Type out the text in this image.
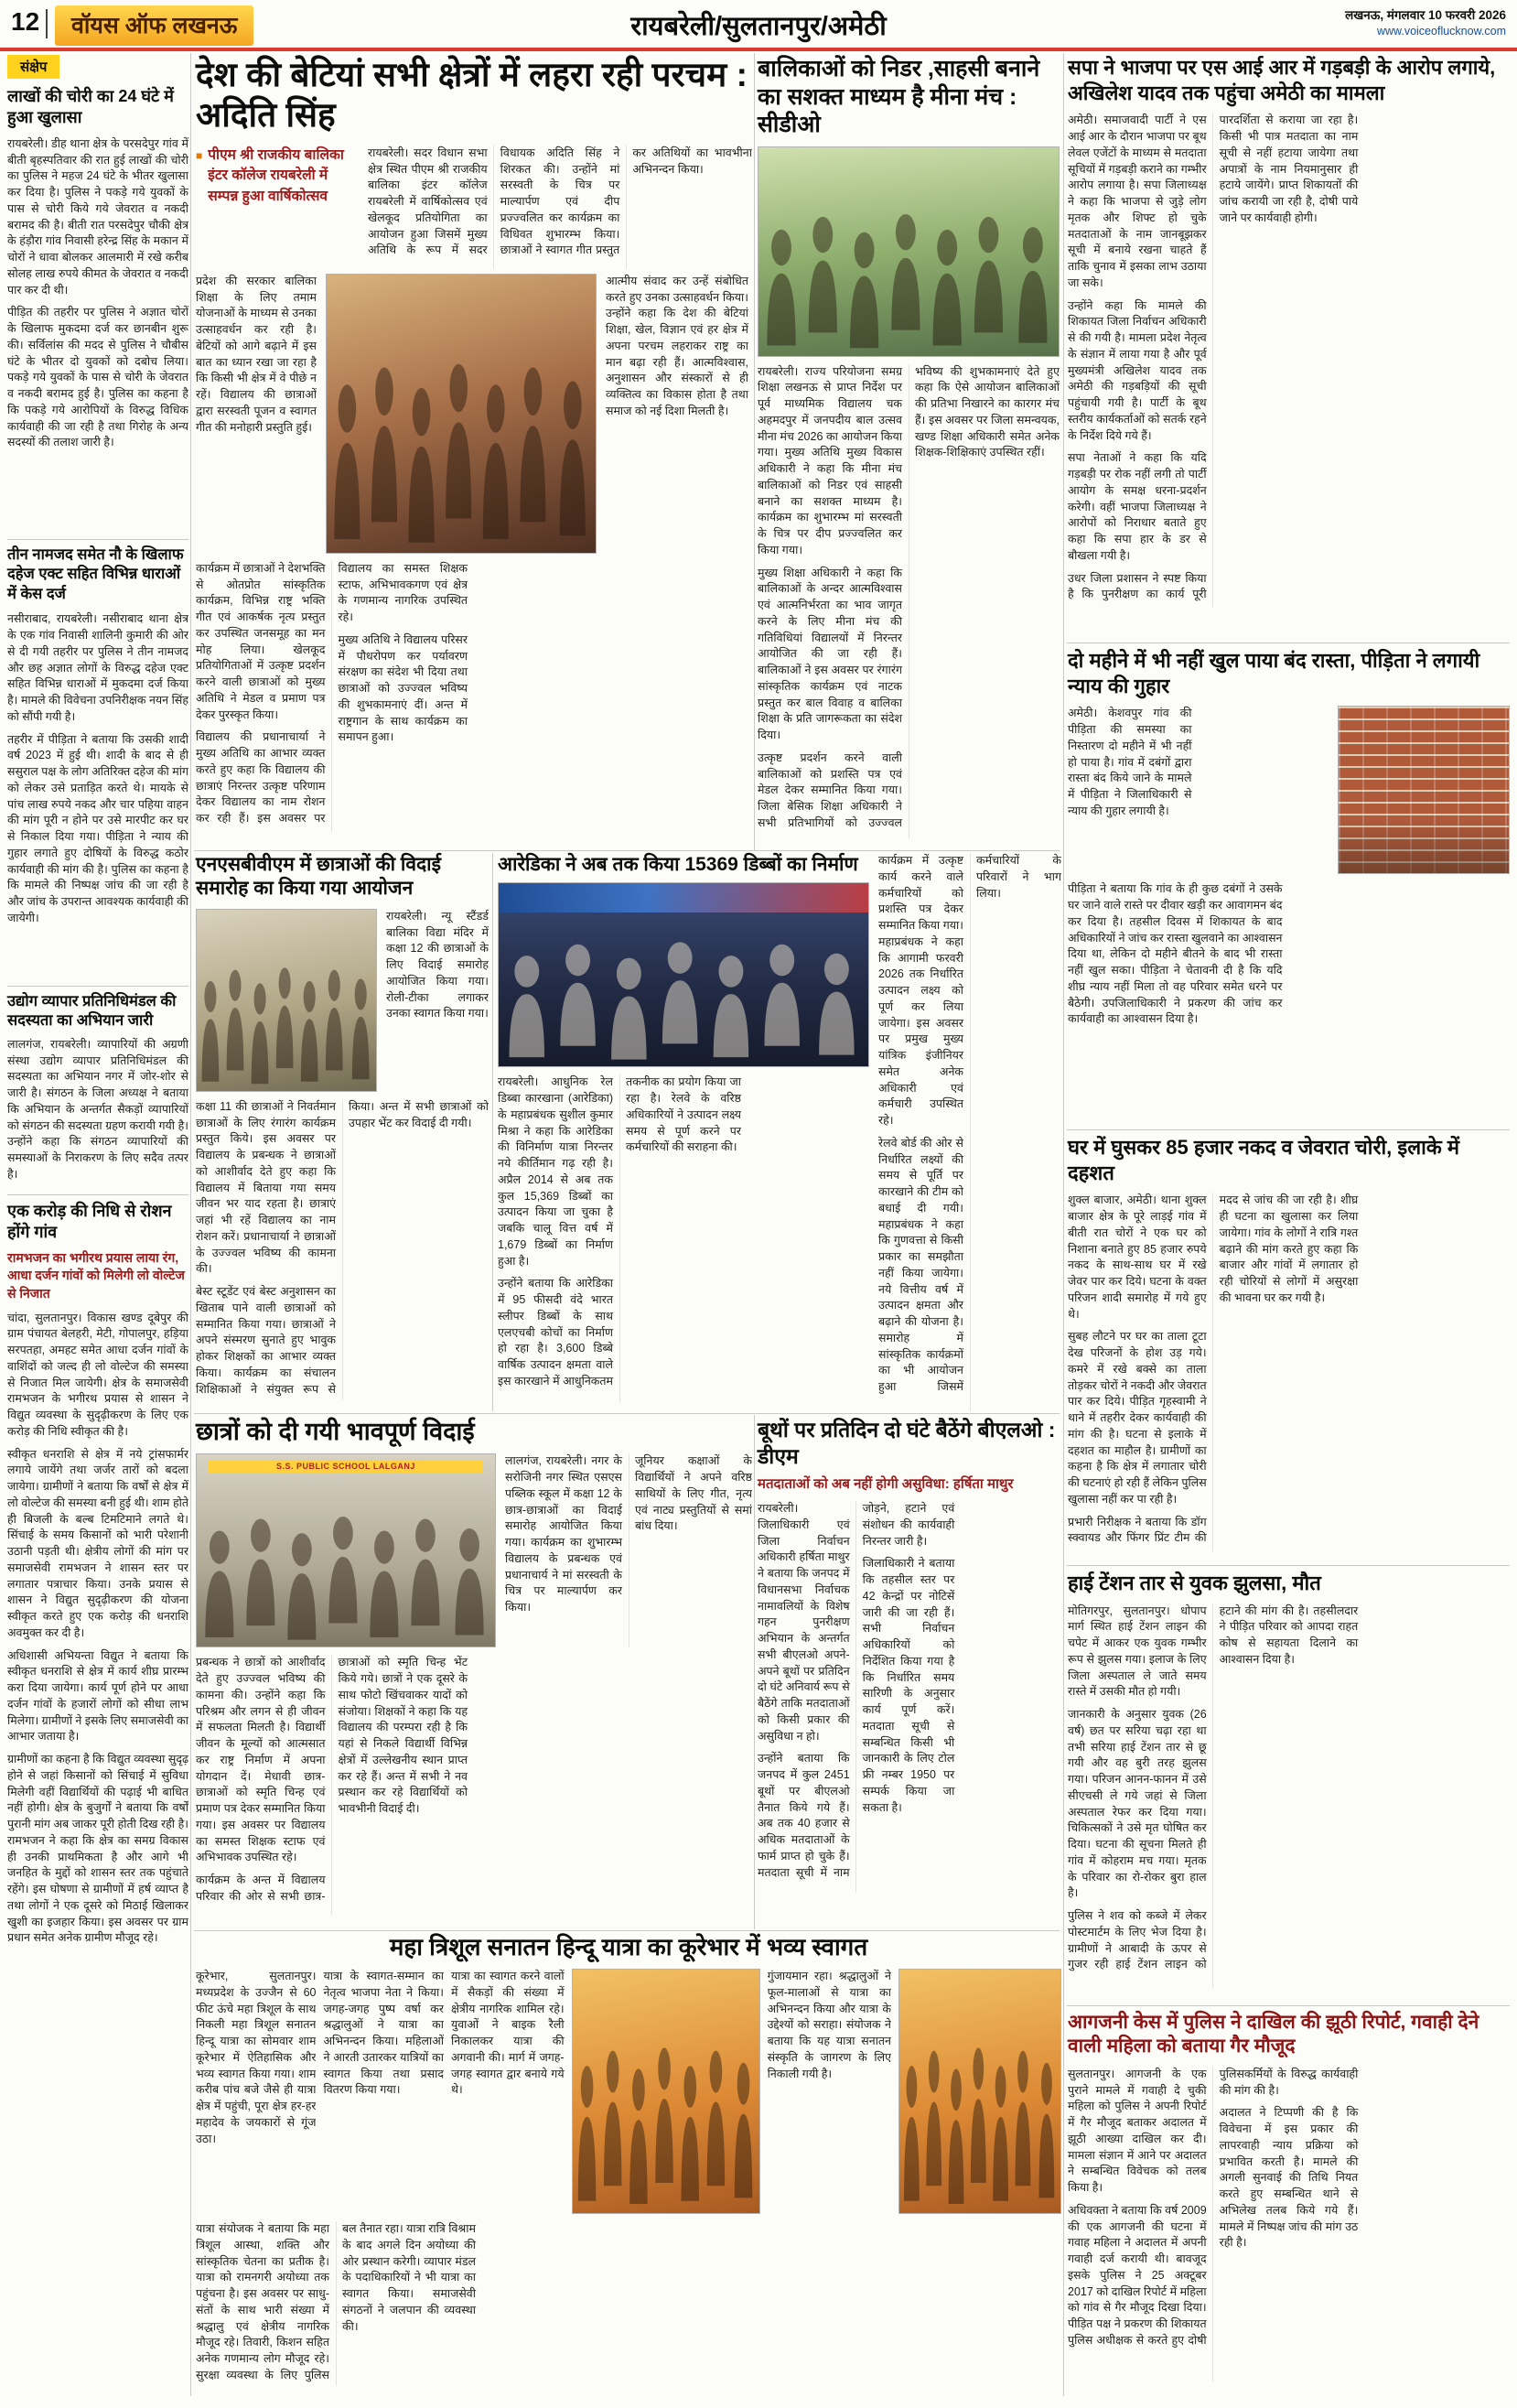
12	वॉयस ऑफ लखनऊ	रायबरेली/सुलतानपुर/अमेठी	लखनऊ, मंगलवार 10 फरवरी 2026
www.voiceoflucknow.com
संक्षेप
लाखों की चोरी का 24 घंटे में हुआ खुलासा

रायबरेली। डीह थाना क्षेत्र के परसदेपुर गांव में बीती बृहस्पतिवार की रात हुई लाखों की चोरी का पुलिस ने महज 24 घंटे के भीतर खुलासा कर दिया है। पुलिस ने पकड़े गये युवकों के पास से चोरी किये गये जेवरात व नकदी बरामद की है। बीती रात परसदेपुर चौकी क्षेत्र के हंड़ौरा गांव निवासी हरेन्द्र सिंह के मकान में चोरों ने धावा बोलकर आलमारी में रखे करीब सोलह लाख रुपये कीमत के जेवरात व नकदी पार कर दी थी।

पीड़ित की तहरीर पर पुलिस ने अज्ञात चोरों के खिलाफ मुकदमा दर्ज कर छानबीन शुरू की। सर्विलांस की मदद से पुलिस ने चौबीस घंटे के भीतर दो युवकों को दबोच लिया। पकड़े गये युवकों के पास से चोरी के जेवरात व नकदी बरामद हुई है। पुलिस का कहना है कि पकड़े गये आरोपियों के विरुद्ध विधिक कार्यवाही की जा रही है तथा गिरोह के अन्य सदस्यों की तलाश जारी है।

तीन नामजद समेत नौ के खिलाफ दहेज एक्ट सहित विभिन्न धाराओं में केस दर्ज

नसीराबाद, रायबरेली। नसीराबाद थाना क्षेत्र के एक गांव निवासी शालिनी कुमारी की ओर से दी गयी तहरीर पर पुलिस ने तीन नामजद और छह अज्ञात लोगों के विरुद्ध दहेज एक्ट सहित विभिन्न धाराओं में मुकदमा दर्ज किया है। मामले की विवेचना उपनिरीक्षक नयन सिंह को सौंपी गयी है।

तहरीर में पीड़िता ने बताया कि उसकी शादी वर्ष 2023 में हुई थी। शादी के बाद से ही ससुराल पक्ष के लोग अतिरिक्त दहेज की मांग को लेकर उसे प्रताड़ित करते थे। मायके से पांच लाख रुपये नकद और चार पहिया वाहन की मांग पूरी न होने पर उसे मारपीट कर घर से निकाल दिया गया। पीड़िता ने न्याय की गुहार लगाते हुए दोषियों के विरुद्ध कठोर कार्यवाही की मांग की है। पुलिस का कहना है कि मामले की निष्पक्ष जांच की जा रही है और जांच के उपरान्त आवश्यक कार्यवाही की जायेगी।

उद्योग व्यापार प्रतिनिधिमंडल की सदस्यता का अभियान जारी

लालगंज, रायबरेली। व्यापारियों की अग्रणी संस्था उद्योग व्यापार प्रतिनिधिमंडल की सदस्यता का अभियान नगर में जोर-शोर से जारी है। संगठन के जिला अध्यक्ष ने बताया कि अभियान के अन्तर्गत सैकड़ों व्यापारियों को संगठन की सदस्यता ग्रहण करायी गयी है। उन्होंने कहा कि संगठन व्यापारियों की समस्याओं के निराकरण के लिए सदैव तत्पर है।

एक करोड़ की निधि से रोशन होंगे गांव
रामभजन का भगीरथ प्रयास लाया रंग, आधा दर्जन गांवों को मिलेगी लो वोल्टेज से निजात

चांदा, सुलतानपुर। विकास खण्ड दूबेपुर की ग्राम पंचायत बेलहरी, मेटी, गोपालपुर, हड़िया सरपतहा, अमहट समेत आधा दर्जन गांवों के वाशिंदों को जल्द ही लो वोल्टेज की समस्या से निजात मिल जायेगी। क्षेत्र के समाजसेवी रामभजन के भगीरथ प्रयास से शासन ने विद्युत व्यवस्था के सुदृढ़ीकरण के लिए एक करोड़ की निधि स्वीकृत की है।

स्वीकृत धनराशि से क्षेत्र में नये ट्रांसफार्मर लगाये जायेंगे तथा जर्जर तारों को बदला जायेगा। ग्रामीणों ने बताया कि वर्षों से क्षेत्र में लो वोल्टेज की समस्या बनी हुई थी। शाम होते ही बिजली के बल्ब टिमटिमाने लगते थे। सिंचाई के समय किसानों को भारी परेशानी उठानी पड़ती थी। क्षेत्रीय लोगों की मांग पर समाजसेवी रामभजन ने शासन स्तर पर लगातार पत्राचार किया। उनके प्रयास से शासन ने विद्युत सुदृढ़ीकरण की योजना स्वीकृत करते हुए एक करोड़ की धनराशि अवमुक्त कर दी है।

अधिशासी अभियन्ता विद्युत ने बताया कि स्वीकृत धनराशि से क्षेत्र में कार्य शीघ्र प्रारम्भ करा दिया जायेगा। कार्य पूर्ण होने पर आधा दर्जन गांवों के हजारों लोगों को सीधा लाभ मिलेगा। ग्रामीणों ने इसके लिए समाजसेवी का आभार जताया है।

ग्रामीणों का कहना है कि विद्युत व्यवस्था सुदृढ़ होने से जहां किसानों को सिंचाई में सुविधा मिलेगी वहीं विद्यार्थियों की पढ़ाई भी बाधित नहीं होगी। क्षेत्र के बुजुर्गों ने बताया कि वर्षों पुरानी मांग अब जाकर पूरी होती दिख रही है। रामभजन ने कहा कि क्षेत्र का समग्र विकास ही उनकी प्राथमिकता है और आगे भी जनहित के मुद्दों को शासन स्तर तक पहुंचाते रहेंगे। इस घोषणा से ग्रामीणों में हर्ष व्याप्त है तथा लोगों ने एक दूसरे को मिठाई खिलाकर खुशी का इजहार किया। इस अवसर पर ग्राम प्रधान समेत अनेक ग्रामीण मौजूद रहे।

देश की बेटियां सभी क्षेत्रों में लहरा रही परचम : अदिति सिंह
■ पीएम श्री राजकीय बालिका इंटर कॉलेज रायबरेली में सम्पन्न हुआ वार्षिकोत्सव

रायबरेली। सदर विधान सभा क्षेत्र स्थित पीएम श्री राजकीय बालिका इंटर कॉलेज रायबरेली में वार्षिकोत्सव एवं खेलकूद प्रतियोगिता का आयोजन हुआ जिसमें मुख्य अतिथि के रूप में सदर विधायक अदिति सिंह ने शिरकत की। उन्होंने मां सरस्वती के चित्र पर माल्यार्पण एवं दीप प्रज्ज्वलित कर कार्यक्रम का विधिवत शुभारम्भ किया। छात्राओं ने स्वागत गीत प्रस्तुत कर अतिथियों का भावभीना अभिनन्दन किया।

प्रदेश की सरकार बालिका शिक्षा के लिए तमाम योजनाओं के माध्यम से उनका उत्साहवर्धन कर रही है। बेटियों को आगे बढ़ाने में इस बात का ध्यान रखा जा रहा है कि किसी भी क्षेत्र में वे पीछे न रहें। विद्यालय की छात्राओं द्वारा सरस्वती पूजन व स्वागत गीत की मनोहारी प्रस्तुति हुई।

आत्मीय संवाद कर उन्हें संबोधित करते हुए उनका उत्साहवर्धन किया। उन्होंने कहा कि देश की बेटियां शिक्षा, खेल, विज्ञान एवं हर क्षेत्र में अपना परचम लहराकर राष्ट्र का मान बढ़ा रही हैं। आत्मविश्वास, अनुशासन और संस्कारों से ही व्यक्तित्व का विकास होता है तथा समाज को नई दिशा मिलती है।

कार्यक्रम में छात्राओं ने देशभक्ति से ओतप्रोत सांस्कृतिक कार्यक्रम, विभिन्न राष्ट्र भक्ति गीत एवं आकर्षक नृत्य प्रस्तुत कर उपस्थित जनसमूह का मन मोह लिया। खेलकूद प्रतियोगिताओं में उत्कृष्ट प्रदर्शन करने वाली छात्राओं को मुख्य अतिथि ने मेडल व प्रमाण पत्र देकर पुरस्कृत किया।

विद्यालय की प्रधानाचार्या ने मुख्य अतिथि का आभार व्यक्त करते हुए कहा कि विद्यालय की छात्राएं निरन्तर उत्कृष्ट परिणाम देकर विद्यालय का नाम रोशन कर रही हैं। इस अवसर पर विद्यालय का समस्त शिक्षक स्टाफ, अभिभावकगण एवं क्षेत्र के गणमान्य नागरिक उपस्थित रहे।

मुख्य अतिथि ने विद्यालय परिसर में पौधरोपण कर पर्यावरण संरक्षण का संदेश भी दिया तथा छात्राओं को उज्ज्वल भविष्य की शुभकामनाएं दीं। अन्त में राष्ट्रगान के साथ कार्यक्रम का समापन हुआ।

बालिकाओं को निडर ,साहसी बनाने का सशक्त माध्यम है मीना मंच : सीडीओ

रायबरेली। राज्य परियोजना समग्र शिक्षा लखनऊ से प्राप्त निर्देश पर पूर्व माध्यमिक विद्यालय चक अहमदपुर में जनपदीय बाल उत्सव मीना मंच 2026 का आयोजन किया गया। मुख्य अतिथि मुख्य विकास अधिकारी ने कहा कि मीना मंच बालिकाओं को निडर एवं साहसी बनाने का सशक्त माध्यम है। कार्यक्रम का शुभारम्भ मां सरस्वती के चित्र पर दीप प्रज्ज्वलित कर किया गया।

मुख्य शिक्षा अधिकारी ने कहा कि बालिकाओं के अन्दर आत्मविश्वास एवं आत्मनिर्भरता का भाव जागृत करने के लिए मीना मंच की गतिविधियां विद्यालयों में निरन्तर आयोजित की जा रही हैं। बालिकाओं ने इस अवसर पर रंगारंग सांस्कृतिक कार्यक्रम एवं नाटक प्रस्तुत कर बाल विवाह व बालिका शिक्षा के प्रति जागरूकता का संदेश दिया।

उत्कृष्ट प्रदर्शन करने वाली बालिकाओं को प्रशस्ति पत्र एवं मेडल देकर सम्मानित किया गया। जिला बेसिक शिक्षा अधिकारी ने सभी प्रतिभागियों को उज्ज्वल भविष्य की शुभकामनाएं देते हुए कहा कि ऐसे आयोजन बालिकाओं की प्रतिभा निखारने का कारगर मंच हैं। इस अवसर पर जिला समन्वयक, खण्ड शिक्षा अधिकारी समेत अनेक शिक्षक-शिक्षिकाएं उपस्थित रहीं।

एनएसबीवीएम में छात्राओं की विदाई समारोह का किया गया आयोजन

रायबरेली। न्यू स्टैंडर्ड बालिका विद्या मंदिर में कक्षा 12 की छात्राओं के लिए विदाई समारोह आयोजित किया गया। रोली-टीका लगाकर उनका स्वागत किया गया।

कक्षा 11 की छात्राओं ने निवर्तमान छात्राओं के लिए रंगारंग कार्यक्रम प्रस्तुत किये। इस अवसर पर विद्यालय के प्रबन्धक ने छात्राओं को आशीर्वाद देते हुए कहा कि विद्यालय में बिताया गया समय जीवन भर याद रहता है। छात्राएं जहां भी रहें विद्यालय का नाम रोशन करें। प्रधानाचार्या ने छात्राओं के उज्ज्वल भविष्य की कामना की।

बेस्ट स्टूडेंट एवं बेस्ट अनुशासन का खिताब पाने वाली छात्राओं को सम्मानित किया गया। छात्राओं ने अपने संस्मरण सुनाते हुए भावुक होकर शिक्षकों का आभार व्यक्त किया। कार्यक्रम का संचालन शिक्षिकाओं ने संयुक्त रूप से किया। अन्त में सभी छात्राओं को उपहार भेंट कर विदाई दी गयी।

आरेडिका ने अब तक किया 15369 डिब्बों का निर्माण

रायबरेली। आधुनिक रेल डिब्बा कारखाना (आरेडिका) के महाप्रबंधक सुशील कुमार मिश्रा ने कहा कि आरेडिका की विनिर्माण यात्रा निरन्तर नये कीर्तिमान गढ़ रही है। अप्रैल 2014 से अब तक कुल 15,369 डिब्बों का उत्पादन किया जा चुका है जबकि चालू वित्त वर्ष में 1,679 डिब्बों का निर्माण हुआ है।

उन्होंने बताया कि आरेडिका में 95 फीसदी वंदे भारत स्लीपर डिब्बों के साथ एलएचबी कोचों का निर्माण हो रहा है। 3,600 डिब्बे वार्षिक उत्पादन क्षमता वाले इस कारखाने में आधुनिकतम तकनीक का प्रयोग किया जा रहा है। रेलवे के वरिष्ठ अधिकारियों ने उत्पादन लक्ष्य समय से पूर्ण करने पर कर्मचारियों की सराहना की।

कार्यक्रम में उत्कृष्ट कार्य करने वाले कर्मचारियों को प्रशस्ति पत्र देकर सम्मानित किया गया। महाप्रबंधक ने कहा कि आगामी फरवरी 2026 तक निर्धारित उत्पादन लक्ष्य को पूर्ण कर लिया जायेगा। इस अवसर पर प्रमुख मुख्य यांत्रिक इंजीनियर समेत अनेक अधिकारी एवं कर्मचारी उपस्थित रहे।

रेलवे बोर्ड की ओर से निर्धारित लक्ष्यों की समय से पूर्ति पर कारखाने की टीम को बधाई दी गयी। महाप्रबंधक ने कहा कि गुणवत्ता से किसी प्रकार का समझौता नहीं किया जायेगा। नये वित्तीय वर्ष में उत्पादन क्षमता और बढ़ाने की योजना है। समारोह में सांस्कृतिक कार्यक्रमों का भी आयोजन हुआ जिसमें कर्मचारियों के परिवारों ने भाग लिया।

छात्रों को दी गयी भावपूर्ण विदाई
S.S. PUBLIC SCHOOL LALGANJ	लालगंज, रायबरेली। नगर के सरोजिनी नगर स्थित एसएस पब्लिक स्कूल में कक्षा 12 के छात्र-छात्राओं का विदाई समारोह आयोजित किया गया। कार्यक्रम का शुभारम्भ विद्यालय के प्रबन्धक एवं प्रधानाचार्य ने मां सरस्वती के चित्र पर माल्यार्पण कर किया।

जूनियर कक्षाओं के विद्यार्थियों ने अपने वरिष्ठ साथियों के लिए गीत, नृत्य एवं नाट्य प्रस्तुतियों से समां बांध दिया।

प्रबन्धक ने छात्रों को आशीर्वाद देते हुए उज्ज्वल भविष्य की कामना की। उन्होंने कहा कि परिश्रम और लगन से ही जीवन में सफलता मिलती है। विद्यार्थी जीवन के मूल्यों को आत्मसात कर राष्ट्र निर्माण में अपना योगदान दें। मेधावी छात्र-छात्राओं को स्मृति चिन्ह एवं प्रमाण पत्र देकर सम्मानित किया गया। इस अवसर पर विद्यालय का समस्त शिक्षक स्टाफ एवं अभिभावक उपस्थित रहे।

कार्यक्रम के अन्त में विद्यालय परिवार की ओर से सभी छात्र-छात्राओं को स्मृति चिन्ह भेंट किये गये। छात्रों ने एक दूसरे के साथ फोटो खिंचवाकर यादों को संजोया। शिक्षकों ने कहा कि यह विद्यालय की परम्परा रही है कि यहां से निकले विद्यार्थी विभिन्न क्षेत्रों में उल्लेखनीय स्थान प्राप्त कर रहे हैं। अन्त में सभी ने नव प्रस्थान कर रहे विद्यार्थियों को भावभीनी विदाई दी।

बूथों पर प्रतिदिन दो घंटे बैठेंगे बीएलओ : डीएम
मतदाताओं को अब नहीं होगी असुविधा: हर्षिता माथुर

रायबरेली। जिलाधिकारी एवं जिला निर्वाचन अधिकारी हर्षिता माथुर ने बताया कि जनपद में विधानसभा निर्वाचक नामावलियों के विशेष गहन पुनरीक्षण अभियान के अन्तर्गत सभी बीएलओ अपने-अपने बूथों पर प्रतिदिन दो घंटे अनिवार्य रूप से बैठेंगे ताकि मतदाताओं को किसी प्रकार की असुविधा न हो।

उन्होंने बताया कि जनपद में कुल 2451 बूथों पर बीएलओ तैनात किये गये हैं। अब तक 40 हजार से अधिक मतदाताओं के फार्म प्राप्त हो चुके हैं। मतदाता सूची में नाम जोड़ने, हटाने एवं संशोधन की कार्यवाही निरन्तर जारी है।

जिलाधिकारी ने बताया कि तहसील स्तर पर 42 केन्द्रों पर नोटिसें जारी की जा रही हैं। सभी निर्वाचन अधिकारियों को निर्देशित किया गया है कि निर्धारित समय सारिणी के अनुसार कार्य पूर्ण करें। मतदाता सूची से सम्बन्धित किसी भी जानकारी के लिए टोल फ्री नम्बर 1950 पर सम्पर्क किया जा सकता है।

महा त्रिशूल सनातन हिन्दू यात्रा का कूरेभार में भव्य स्वागत

कूरेभार, सुलतानपुर। मध्यप्रदेश के उज्जैन से 60 फीट ऊंचे महा त्रिशूल के साथ निकली महा त्रिशूल सनातन हिन्दू यात्रा का सोमवार शाम कूरेभार में ऐतिहासिक और भव्य स्वागत किया गया। शाम करीब पांच बजे जैसे ही यात्रा क्षेत्र में पहुंची, पूरा क्षेत्र हर-हर महादेव के जयकारों से गूंज उठा।

यात्रा के स्वागत-सम्मान का नेतृत्व भाजपा नेता ने किया। जगह-जगह पुष्प वर्षा कर श्रद्धालुओं ने यात्रा का अभिनन्दन किया। महिलाओं ने आरती उतारकर यात्रियों का स्वागत किया तथा प्रसाद वितरण किया गया।

यात्रा का स्वागत करने वालों में सैकड़ों की संख्या में क्षेत्रीय नागरिक शामिल रहे। युवाओं ने बाइक रैली निकालकर यात्रा की अगवानी की। मार्ग में जगह-जगह स्वागत द्वार बनाये गये थे।

गुंजायमान रहा। श्रद्धालुओं ने फूल-मालाओं से यात्रा का अभिनन्दन किया और यात्रा के उद्देश्यों को सराहा। संयोजक ने बताया कि यह यात्रा सनातन संस्कृति के जागरण के लिए निकाली गयी है।

यात्रा संयोजक ने बताया कि महा त्रिशूल आस्था, शक्ति और सांस्कृतिक चेतना का प्रतीक है। यात्रा को रामनगरी अयोध्या तक पहुंचना है। इस अवसर पर साधु-संतों के साथ भारी संख्या में श्रद्धालु एवं क्षेत्रीय नागरिक मौजूद रहे। तिवारी, किशन सहित अनेक गणमान्य लोग मौजूद रहे। सुरक्षा व्यवस्था के लिए पुलिस बल तैनात रहा। यात्रा रात्रि विश्राम के बाद अगले दिन अयोध्या की ओर प्रस्थान करेगी। व्यापार मंडल के पदाधिकारियों ने भी यात्रा का स्वागत किया। समाजसेवी संगठनों ने जलपान की व्यवस्था की।

सपा ने भाजपा पर एस आई आर में गड़बड़ी के आरोप लगाये, अखिलेश यादव तक पहुंचा अमेठी का मामला

अमेठी। समाजवादी पार्टी ने एस आई आर के दौरान भाजपा पर बूथ लेवल एजेंटों के माध्यम से मतदाता सूचियों में गड़बड़ी कराने का गम्भीर आरोप लगाया है। सपा जिलाध्यक्ष ने कहा कि भाजपा से जुड़े लोग मृतक और शिफ्ट हो चुके मतदाताओं के नाम जानबूझकर सूची में बनाये रखना चाहते हैं ताकि चुनाव में इसका लाभ उठाया जा सके।

उन्होंने कहा कि मामले की शिकायत जिला निर्वाचन अधिकारी से की गयी है। मामला प्रदेश नेतृत्व के संज्ञान में लाया गया है और पूर्व मुख्यमंत्री अखिलेश यादव तक अमेठी की गड़बड़ियों की सूची पहुंचायी गयी है। पार्टी के बूथ स्तरीय कार्यकर्ताओं को सतर्क रहने के निर्देश दिये गये हैं।

सपा नेताओं ने कहा कि यदि गड़बड़ी पर रोक नहीं लगी तो पार्टी आयोग के समक्ष धरना-प्रदर्शन करेगी। वहीं भाजपा जिलाध्यक्ष ने आरोपों को निराधार बताते हुए कहा कि सपा हार के डर से बौखला गयी है।

उधर जिला प्रशासन ने स्पष्ट किया है कि पुनरीक्षण का कार्य पूरी पारदर्शिता से कराया जा रहा है। किसी भी पात्र मतदाता का नाम सूची से नहीं हटाया जायेगा तथा अपात्रों के नाम नियमानुसार ही हटाये जायेंगे। प्राप्त शिकायतों की जांच करायी जा रही है, दोषी पाये जाने पर कार्यवाही होगी।

दो महीने में भी नहीं खुल पाया बंद रास्ता, पीड़िता ने लगायी न्याय की गुहार

अमेठी। केशवपुर गांव की पीड़िता की समस्या का निस्तारण दो महीने में भी नहीं हो पाया है। गांव में दबंगों द्वारा रास्ता बंद किये जाने के मामले में पीड़िता ने जिलाधिकारी से न्याय की गुहार लगायी है।

पीड़िता ने बताया कि गांव के ही कुछ दबंगों ने उसके घर जाने वाले रास्ते पर दीवार खड़ी कर आवागमन बंद कर दिया है। तहसील दिवस में शिकायत के बाद अधिकारियों ने जांच कर रास्ता खुलवाने का आश्वासन दिया था, लेकिन दो महीने बीतने के बाद भी रास्ता नहीं खुल सका। पीड़िता ने चेतावनी दी है कि यदि शीघ्र न्याय नहीं मिला तो वह परिवार समेत धरने पर बैठेगी। उपजिलाधिकारी ने प्रकरण की जांच कर कार्यवाही का आश्वासन दिया है।

घर में घुसकर 85 हजार नकद व जेवरात चोरी, इलाके में दहशत

शुक्ल बाजार, अमेठी। थाना शुक्ल बाजार क्षेत्र के पूरे लाड़ई गांव में बीती रात चोरों ने एक घर को निशाना बनाते हुए 85 हजार रुपये नकद के साथ-साथ घर में रखे जेवर पार कर दिये। घटना के वक्त परिजन शादी समारोह में गये हुए थे।

सुबह लौटने पर घर का ताला टूटा देख परिजनों के होश उड़ गये। कमरे में रखे बक्से का ताला तोड़कर चोरों ने नकदी और जेवरात पार कर दिये। पीड़ित गृहस्वामी ने थाने में तहरीर देकर कार्यवाही की मांग की है। घटना से इलाके में दहशत का माहौल है। ग्रामीणों का कहना है कि क्षेत्र में लगातार चोरी की घटनाएं हो रही हैं लेकिन पुलिस खुलासा नहीं कर पा रही है।

प्रभारी निरीक्षक ने बताया कि डॉग स्क्वायड और फिंगर प्रिंट टीम की मदद से जांच की जा रही है। शीघ्र ही घटना का खुलासा कर लिया जायेगा। गांव के लोगों ने रात्रि गश्त बढ़ाने की मांग करते हुए कहा कि बाजार और गांवों में लगातार हो रही चोरियों से लोगों में असुरक्षा की भावना घर कर गयी है।

हाई टेंशन तार से युवक झुलसा, मौत

मोतिगरपुर, सुलतानपुर। धोपाप मार्ग स्थित हाई टेंशन लाइन की चपेट में आकर एक युवक गम्भीर रूप से झुलस गया। इलाज के लिए जिला अस्पताल ले जाते समय रास्ते में उसकी मौत हो गयी।

जानकारी के अनुसार युवक (26 वर्ष) छत पर सरिया चढ़ा रहा था तभी सरिया हाई टेंशन तार से छू गयी और वह बुरी तरह झुलस गया। परिजन आनन-फानन में उसे सीएचसी ले गये जहां से जिला अस्पताल रेफर कर दिया गया। चिकित्सकों ने उसे मृत घोषित कर दिया। घटना की सूचना मिलते ही गांव में कोहराम मच गया। मृतक के परिवार का रो-रोकर बुरा हाल है।

पुलिस ने शव को कब्जे में लेकर पोस्टमार्टम के लिए भेज दिया है। ग्रामीणों ने आबादी के ऊपर से गुजर रही हाई टेंशन लाइन को हटाने की मांग की है। तहसीलदार ने पीड़ित परिवार को आपदा राहत कोष से सहायता दिलाने का आश्वासन दिया है।

आगजनी केस में पुलिस ने दाखिल की झूठी रिपोर्ट, गवाही देने वाली महिला को बताया गैर मौजूद

सुलतानपुर। आगजनी के एक पुराने मामले में गवाही दे चुकी महिला को पुलिस ने अपनी रिपोर्ट में गैर मौजूद बताकर अदालत में झूठी आख्या दाखिल कर दी। मामला संज्ञान में आने पर अदालत ने सम्बन्धित विवेचक को तलब किया है।

अधिवक्ता ने बताया कि वर्ष 2009 की एक आगजनी की घटना में गवाह महिला ने अदालत में अपनी गवाही दर्ज करायी थी। बावजूद इसके पुलिस ने 25 अक्टूबर 2017 को दाखिल रिपोर्ट में महिला को गांव से गैर मौजूद दिखा दिया। पीड़ित पक्ष ने प्रकरण की शिकायत पुलिस अधीक्षक से करते हुए दोषी पुलिसकर्मियों के विरुद्ध कार्यवाही की मांग की है।

अदालत ने टिप्पणी की है कि विवेचना में इस प्रकार की लापरवाही न्याय प्रक्रिया को प्रभावित करती है। मामले की अगली सुनवाई की तिथि नियत करते हुए सम्बन्धित थाने से अभिलेख तलब किये गये हैं। मामले में निष्पक्ष जांच की मांग उठ रही है।
